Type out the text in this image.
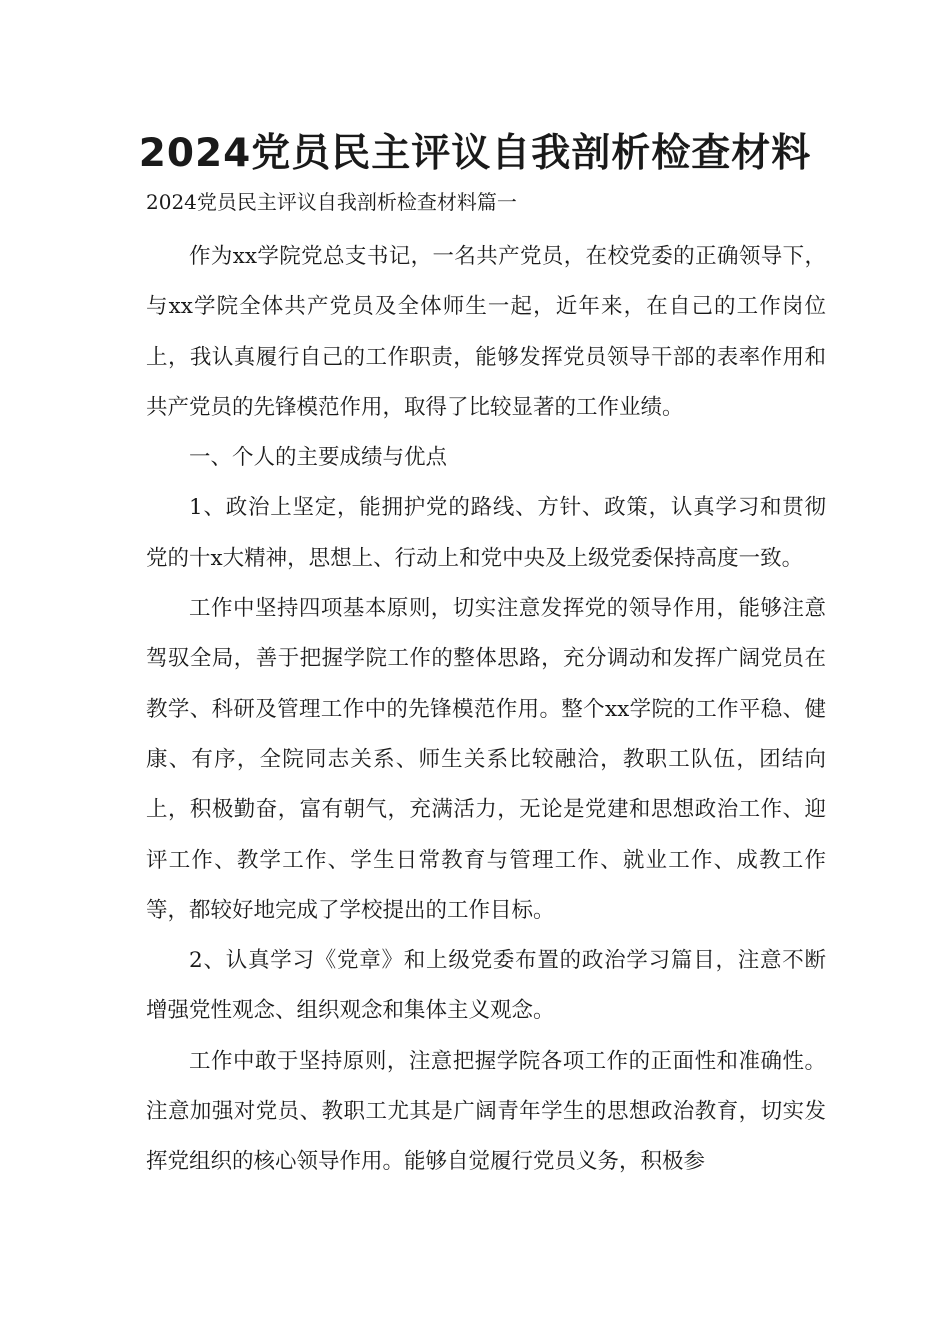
2024党员民主评议自我剖析检查材料

2024党员民主评议自我剖析检查材料篇一

作为xx学院党总支书记，一名共产党员，在校党委的正确领导下，与xx学院全体共产党员及全体师生一起，近年来，在自己的工作岗位上，我认真履行自己的工作职责，能够发挥党员领导干部的表率作用和共产党员的先锋模范作用，取得了比较显著的工作业绩。

一、个人的主要成绩与优点

1、政治上坚定，能拥护党的路线、方针、政策，认真学习和贯彻党的十x大精神，思想上、行动上和党中央及上级党委保持高度一致。

工作中坚持四项基本原则，切实注意发挥党的领导作用，能够注意驾驭全局，善于把握学院工作的整体思路，充分调动和发挥广阔党员在教学、科研及管理工作中的先锋模范作用。整个xx学院的工作平稳、健康、有序，全院同志关系、师生关系比较融洽，教职工队伍，团结向上，积极勤奋，富有朝气，充满活力，无论是党建和思想政治工作、迎评工作、教学工作、学生日常教育与管理工作、就业工作、成教工作等，都较好地完成了学校提出的工作目标。

2、认真学习《党章》和上级党委布置的政治学习篇目，注意不断增强党性观念、组织观念和集体主义观念。

工作中敢于坚持原则，注意把握学院各项工作的正面性和准确性。注意加强对党员、教职工尤其是广阔青年学生的思想政治教育，切实发挥党组织的核心领导作用。能够自觉履行党员义务，积极参
